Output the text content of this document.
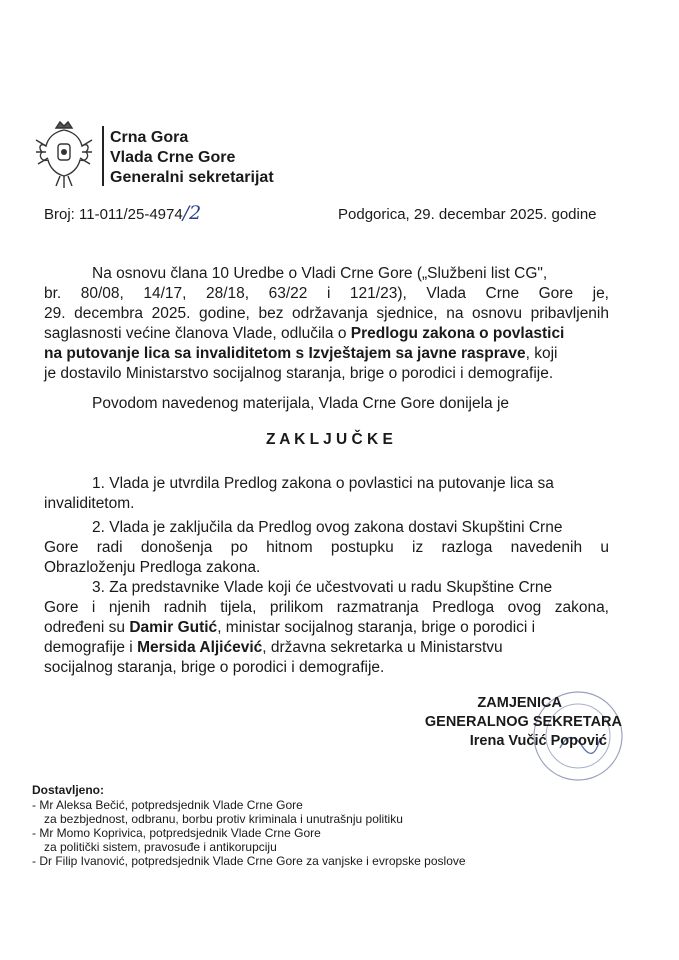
Crna Gora
Vlada Crne Gore
Generalni sekretarijat
Broj: 11-011/25-4974/2	Podgorica, 29. decembar 2025. godine
Na osnovu člana 10 Uredbe o Vladi Crne Gore („Službeni list CG",
br. 80/08, 14/17, 28/18, 63/22 i 121/23), Vlada Crne Gore je,
29. decembra 2025. godine, bez održavanja sjednice, na osnovu pribavljenih
saglasnosti većine članova Vlade, odlučila o Predlogu zakona o povlastici
na putovanje lica sa invaliditetom s Izvještajem sa javne rasprave, koji
je dostavilo Ministarstvo socijalnog staranja, brige o porodici i demografije.
Povodom navedenog materijala, Vlada Crne Gore donijela je
Z A K L J U Č K E
1. Vlada je utvrdila Predlog zakona o povlastici na putovanje lica sa
invaliditetom.
2. Vlada je zaključila da Predlog ovog zakona dostavi Skupštini Crne
Gore radi donošenja po hitnom postupku iz razloga navedenih u
Obrazloženju Predloga zakona.
3. Za predstavnike Vlade koji će učestvovati u radu Skupštine Crne
Gore i njenih radnih tijela, prilikom razmatranja Predloga ovog zakona,
određeni su Damir Gutić, ministar socijalnog staranja, brige o porodici i
demografije i Mersida Aljićević, državna sekretarka u Ministarstvu
socijalnog staranja, brige o porodici i demografije.
ZAMJENICA
GENERALNOG SEKRETARA
Irena Vučić Popović
Dostavljeno:
- Mr Aleksa Bečić, potpredsjednik Vlade Crne Gore
za bezbjednost, odbranu, borbu protiv kriminala i unutrašnju politiku
- Mr Momo Koprivica, potpredsjednik Vlade Crne Gore
za politički sistem, pravosuđe i antikorupciju
- Dr Filip Ivanović, potpredsjednik Vlade Crne Gore za vanjske i evropske poslove
